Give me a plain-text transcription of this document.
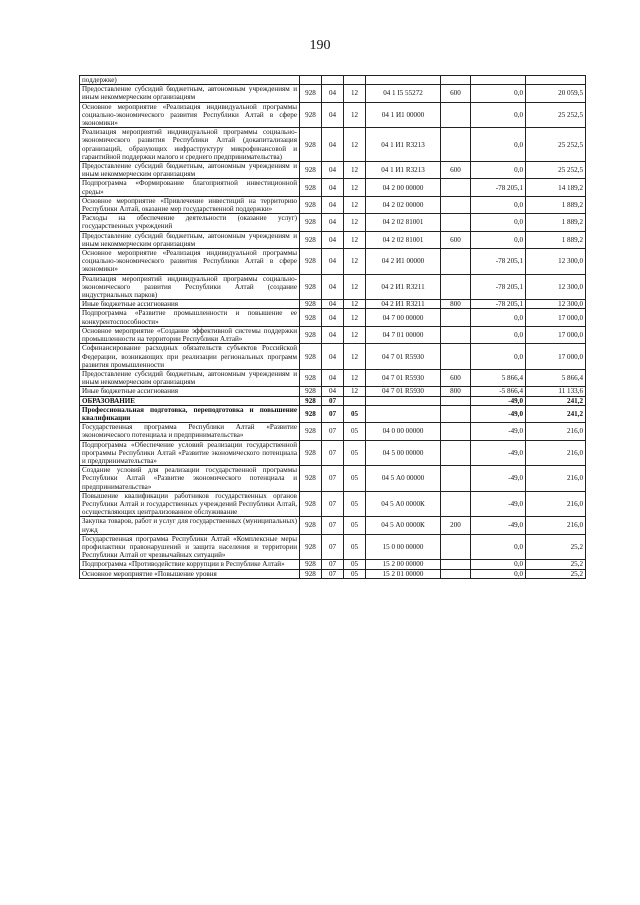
190
поддержке)							
Предоставление субсидий бюджетным, автономным учреждениям и иным некоммерческим организациям	928	04	12	04 1 I5 55272	600	0,0	20 059,5
Основное мероприятие «Реализация индивидуальной программы социально-экономического развития Республики Алтай в сфере экономики»	928	04	12	04 1 И1 00000		0,0	25 252,5
Реализация мероприятий индивидуальной программы социально-экономического развития Республики Алтай (докапитализация организаций, образующих инфраструктуру микрофинансовой и гарантийной поддержки малого и среднего предпринимательства)	928	04	12	04 1 И1 R3213		0,0	25 252,5
Предоставление субсидий бюджетным, автономным учреждениям и иным некоммерческим организациям	928	04	12	04 1 И1 R3213	600	0,0	25 252,5
Подпрограмма «Формирование благоприятной инвестиционной среды»	928	04	12	04 2 00 00000		-78 205,1	14 189,2
Основное мероприятие «Привлечение инвестиций на территорию Республики Алтай, оказание мер государственной поддержки»	928	04	12	04 2 02 00000		0,0	1 889,2
Расходы на обеспечение деятельности (оказание услуг) государственных учреждений	928	04	12	04 2 02 81001		0,0	1 889,2
Предоставление субсидий бюджетным, автономным учреждениям и иным некоммерческим организациям	928	04	12	04 2 02 81001	600	0,0	1 889,2
Основное мероприятие «Реализация индивидуальной программы социально-экономического развития Республики Алтай в сфере экономики»	928	04	12	04 2 И1 00000		-78 205,1	12 300,0
Реализация мероприятий индивидуальной программы социально-экономического развития Республики Алтай (создание индустриальных парков)	928	04	12	04 2 И1 R3211		-78 205,1	12 300,0
Иные бюджетные ассигнования	928	04	12	04 2 И1 R3211	800	-78 205,1	12 300,0
Подпрограмма «Развитие промышленности и повышение ее конкурентоспособности»	928	04	12	04 7 00 00000		0,0	17 000,0
Основное мероприятие «Создание эффективной системы поддержки промышленности на территории Республики Алтай»	928	04	12	04 7 01 00000		0,0	17 000,0
Софинансирование расходных обязательств субъектов Российской Федерации, возникающих при реализации региональных программ развития промышленности	928	04	12	04 7 01 R5930		0,0	17 000,0
Предоставление субсидий бюджетным, автономным учреждениям и иным некоммерческим организациям	928	04	12	04 7 01 R5930	600	5 866,4	5 866,4
Иные бюджетные ассигнования	928	04	12	04 7 01 R5930	800	-5 866,4	11 133,6
ОБРАЗОВАНИЕ	928	07				-49,0	241,2
Профессиональная подготовка, переподготовка и повышение квалификации	928	07	05			-49,0	241,2
Государственная программа Республики Алтай «Развитие экономического потенциала и предпринимательства»	928	07	05	04 0 00 00000		-49,0	216,0
Подпрограмма «Обеспечение условий реализации государственной программы Республики Алтай «Развитие экономического потенциала и предпринимательства»	928	07	05	04 5 00 00000		-49,0	216,0
Создание условий для реализации государственной программы Республики Алтай «Развитие экономического потенциала и предпринимательства»	928	07	05	04 5 А0 00000		-49,0	216,0
Повышение квалификации работников государственных органов Республики Алтай и государственных учреждений Республики Алтай, осуществляющих централизованное обслуживание	928	07	05	04 5 А0 0000К		-49,0	216,0
Закупка товаров, работ и услуг для государственных (муниципальных) нужд	928	07	05	04 5 А0 0000К	200	-49,0	216,0
Государственная программа Республики Алтай «Комплексные меры профилактики правонарушений и защита населения и территории Республики Алтай от чрезвычайных ситуаций»	928	07	05	15 0 00 00000		0,0	25,2
Подпрограмма «Противодействие коррупции в Республике Алтай»	928	07	05	15 2 00 00000		0,0	25,2
Основное мероприятие «Повышение уровня	928	07	05	15 2 01 00000		0,0	25,2
